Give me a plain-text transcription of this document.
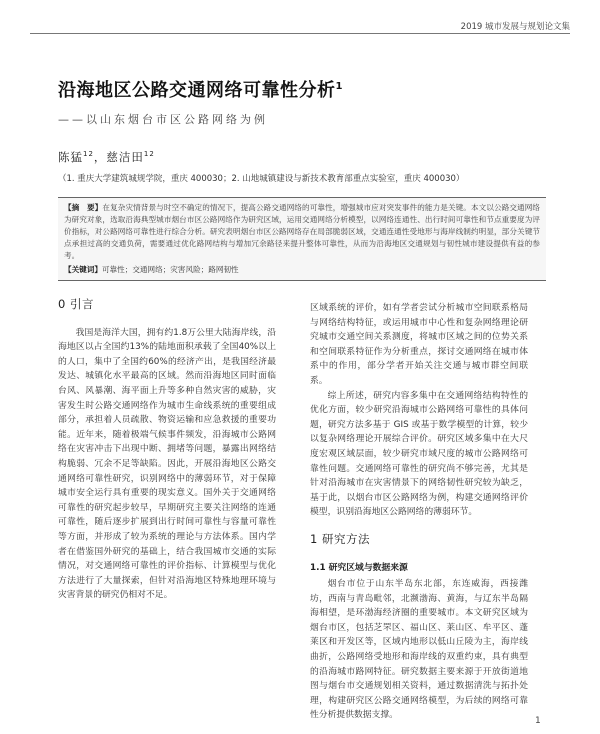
2019 城市发展与规划论文集
沿海地区公路交通网络可靠性分析$^1$
——以山东烟台市区公路网络为例
陈猛$^{12}$，慈洁田$^{12}$
（1. 重庆大学建筑城规学院，重庆 400030；2. 山地城镇建设与新技术教育部重点实验室，重庆 400030）
【摘　要】在复杂灾情背景与时空不确定的情况下，提高公路交通网络的可靠性，增强城市应对突发事件的能力是关键。本文以公路交通网络为研究对象，选取沿海典型城市烟台市区公路网络作为研究区域，运用交通网络分析模型，以网络连通性、出行时间可靠性和节点重要度为评价指标，对公路网络可靠性进行综合分析。研究表明烟台市区公路网络存在局部脆弱区域，交通连通性受地形与海岸线制约明显，部分关键节点承担过高的交通负荷，需要通过优化路网结构与增加冗余路径来提升整体可靠性，从而为沿海地区交通规划与韧性城市建设提供有益的参考。
【关键词】可靠性；交通网络；灾害风险；路网韧性
0 引言

我国是海洋大国，拥有约1.8万公里大陆海岸线，沿海地区以占全国约13%的陆地面积承载了全国40%以上的人口，集中了全国约60%的经济产出，是我国经济最发达、城镇化水平最高的区域。然而沿海地区同时面临台风、风暴潮、海平面上升等多种自然灾害的威胁，灾害发生时公路交通网络作为城市生命线系统的重要组成部分，承担着人员疏散、物资运输和应急救援的重要功能。近年来，随着极端气候事件频发，沿海城市公路网络在灾害冲击下出现中断、拥堵等问题，暴露出网络结构脆弱、冗余不足等缺陷。因此，开展沿海地区公路交通网络可靠性研究，识别网络中的薄弱环节，对于保障城市安全运行具有重要的现实意义。国外关于交通网络可靠性的研究起步较早，早期研究主要关注网络的连通可靠性，随后逐步扩展到出行时间可靠性与容量可靠性等方面，并形成了较为系统的理论与方法体系。国内学者在借鉴国外研究的基础上，结合我国城市交通的实际情况，对交通网络可靠性的评价指标、计算模型与优化方法进行了大量探索，但针对沿海地区特殊地理环境与灾害背景的研究仍相对不足。

区域系统的评价，如有学者尝试分析城市空间联系格局与网络结构特征，或运用城市中心性和复杂网络理论研究城市交通空间关系测度，将城市区域之间的位势关系和空间联系特征作为分析重点，探讨交通网络在城市体系中的作用，部分学者开始关注交通与城市群空间联系。

综上所述，研究内容多集中在交通网络结构特性的优化方面，较少研究沿海城市公路网络可靠性的具体问题，研究方法多基于 GIS 或基于数学模型的计算，较少以复杂网络理论开展综合评价。研究区域多集中在大尺度宏观区域层面，较少研究市域尺度的城市公路网络可靠性问题。交通网络可靠性的研究尚不够完善，尤其是针对沿海城市在灾害情景下的网络韧性研究较为缺乏，基于此，以烟台市区公路网络为例，构建交通网络评价模型，识别沿海地区公路网络的薄弱环节。

1 研究方法
1.1 研究区域与数据来源

烟台市位于山东半岛东北部，东连威海，西接潍坊，西南与青岛毗邻，北濒渤海、黄海，与辽东半岛隔海相望，是环渤海经济圈的重要城市。本文研究区域为烟台市区，包括芝罘区、福山区、莱山区、牟平区、蓬莱区和开发区等，区域内地形以低山丘陵为主，海岸线曲折，公路网络受地形和海岸线的双重约束，具有典型的沿海城市路网特征。研究数据主要来源于开放街道地图与烟台市交通规划相关资料，通过数据清洗与拓扑处理，构建研究区公路交通网络模型，为后续的网络可靠性分析提供数据支撑。

1
